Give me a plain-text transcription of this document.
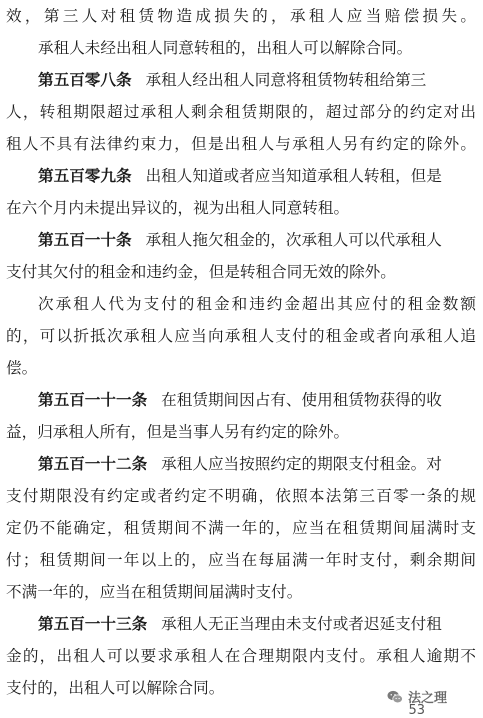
效，第三人对租赁物造成损失的，承租人应当赔偿损失。
承租人未经出租人同意转租的，出租人可以解除合同。
第五百零八条 承租人经出租人同意将租赁物转租给第三
人，转租期限超过承租人剩余租赁期限的，超过部分的约定对出
租人不具有法律约束力，但是出租人与承租人另有约定的除外。
第五百零九条 出租人知道或者应当知道承租人转租，但是
在六个月内未提出异议的，视为出租人同意转租。
第五百一十条 承租人拖欠租金的，次承租人可以代承租人
支付其欠付的租金和违约金，但是转租合同无效的除外。
次承租人代为支付的租金和违约金超出其应付的租金数额
的，可以折抵次承租人应当向承租人支付的租金或者向承租人追
偿。
第五百一十一条 在租赁期间因占有、使用租赁物获得的收
益，归承租人所有，但是当事人另有约定的除外。
第五百一十二条 承租人应当按照约定的期限支付租金。对
支付期限没有约定或者约定不明确，依照本法第三百零一条的规
定仍不能确定，租赁期间不满一年的，应当在租赁期间届满时支
付；租赁期间一年以上的，应当在每届满一年时支付，剩余期间
不满一年的，应当在租赁期间届满时支付。
第五百一十三条 承租人无正当理由未支付或者迟延支付租
金的，出租人可以要求承租人在合理期限内支付。承租人逾期不
支付的，出租人可以解除合同。
法之理
53
